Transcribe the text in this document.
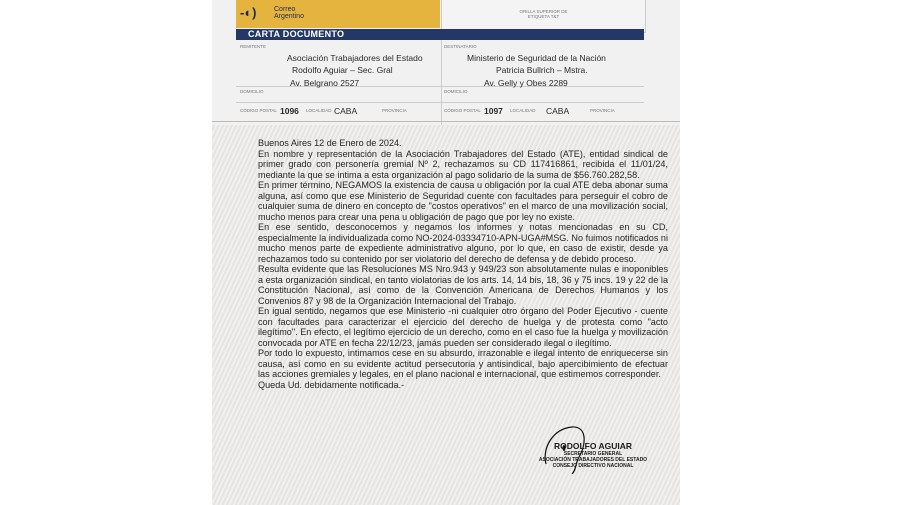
-◐) Correo Argentino
ORILLA SUPERIOR DE ETIQUETA T&T
CARTA DOCUMENTO
REMITENTE
Asociación Trabajadores del Estado
Rodolfo Aguiar – Sec. Gral
DOMICILIO
Av. Belgrano 2527
CÓDIGO POSTAL 1096 LOCALIDAD CABA	PROVINCIA
DESTINATARIO
Ministerio de Seguridad de la Nación
Patricia Bullrich – Mstra.
DOMICILIO
Av. Gelly y Obes 2289
CÓDIGO POSTAL 1097 LOCALIDAD CABA	PROVINCIA

Buenos Aires 12 de Enero de 2024.

En nombre y representación de la Asociación Trabajadores del Estado (ATE), entidad sindical de primer grado con personería gremial Nº 2, rechazamos su CD 117416861, recibida el 11/01/24, mediante la que se intima a esta organización al pago solidario de la suma de $56.760.282,58.

En primer término, NEGAMOS la existencia de causa u obligación por la cual ATE deba abonar suma alguna, así como que ese Ministerio de Seguridad cuente con facultades para perseguir el cobro de cualquier suma de dinero en concepto de "costos operativos" en el marco de una movilización social, mucho menos para crear una pena u obligación de pago que por ley no existe.

En ese sentido, desconocemos y negamos los informes y notas mencionadas en su CD, especialmente la individualizada como NO-2024-03334710-APN-UGA#MSG. No fuimos notificados ni mucho menos parte de expediente administrativo alguno, por lo que, en caso de existir, desde ya rechazamos todo su contenido por ser violatorio del derecho de defensa y de debido proceso.

Resulta evidente que las Resoluciones MS Nro.943 y 949/23 son absolutamente nulas e inoponibles a esta organización sindical, en tanto violatorias de los arts. 14, 14 bis, 18, 36 y 75 incs. 19 y 22 de la Constitución Nacional, así como de la Convención Americana de Derechos Humanos y los Convenios 87 y 98 de la Organización Internacional del Trabajo.

En igual sentido, negamos que ese Ministerio -ni cualquier otro órgano del Poder Ejecutivo - cuente con facultades para caracterizar el ejercicio del derecho de huelga y de protesta como "acto ilegítimo". En efecto, el legítimo ejercicio de un derecho, como en el caso fue la huelga y movilización convocada por ATE en fecha 22/12/23, jamás pueden ser considerado ilegal o ilegítimo.

Por todo lo expuesto, intimamos cese en su absurdo, irrazonable e ilegal intento de enriquecerse sin causa, así como en su evidente actitud persecutoria y antisindical, bajo apercibimiento de efectuar las acciones gremiales y legales, en el plano nacional e internacional, que estimemos corresponder.

Queda Ud. debidamente notificada.-

RODOLFO AGUIAR
SECRETARIO GENERAL
ASOCIACIÓN TRABAJADORES DEL ESTADO
CONSEJO DIRECTIVO NACIONAL
